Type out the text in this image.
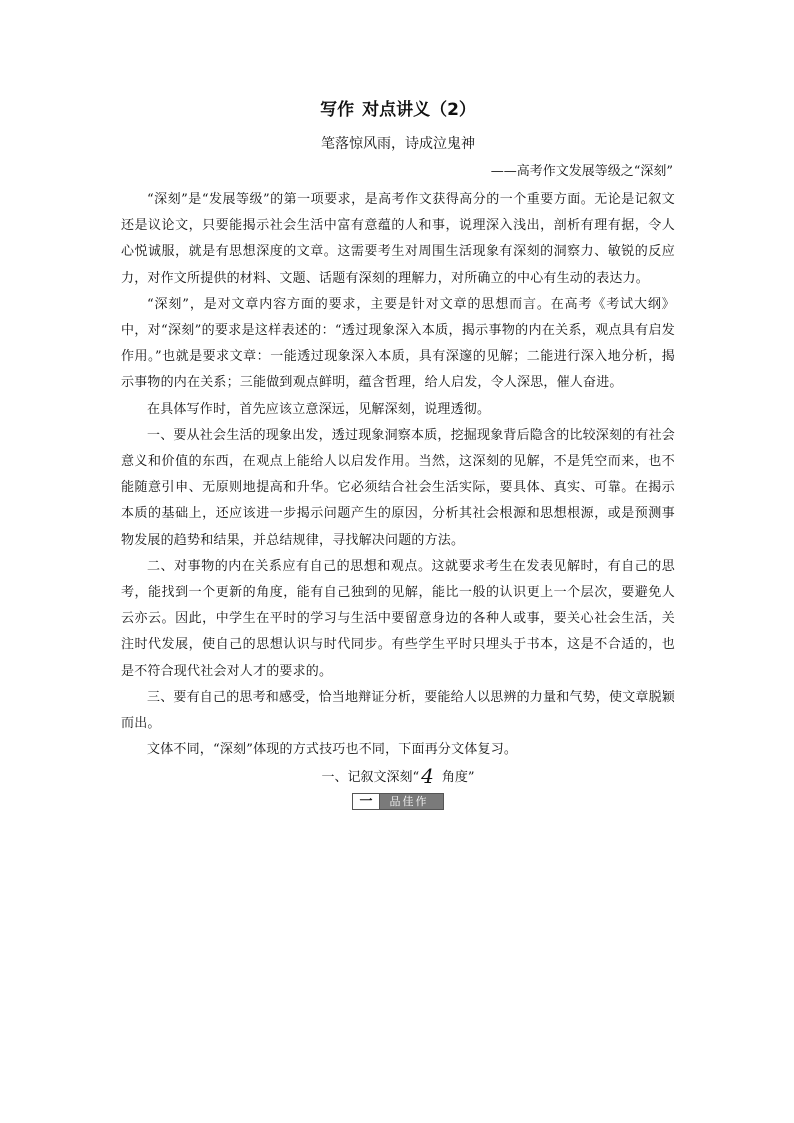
写作 对点讲义（2）
笔落惊风雨，诗成泣鬼神
——高考作文发展等级之“深刻”

“深刻”是“发展等级”的第一项要求，是高考作文获得高分的一个重要方面。无论是记叙文还是议论文，只要能揭示社会生活中富有意蕴的人和事，说理深入浅出，剖析有理有据，令人心悦诚服，就是有思想深度的文章。这需要考生对周围生活现象有深刻的洞察力、敏锐的反应力，对作文所提供的材料、文题、话题有深刻的理解力，对所确立的中心有生动的表达力。

“深刻”，是对文章内容方面的要求，主要是针对文章的思想而言。在高考《考试大纲》中，对“深刻”的要求是这样表述的：“透过现象深入本质，揭示事物的内在关系，观点具有启发作用。”也就是要求文章：一能透过现象深入本质，具有深邃的见解；二能进行深入地分析，揭示事物的内在关系；三能做到观点鲜明，蕴含哲理，给人启发，令人深思，催人奋进。

在具体写作时，首先应该立意深远，见解深刻，说理透彻。

一、要从社会生活的现象出发，透过现象洞察本质，挖掘现象背后隐含的比较深刻的有社会意义和价值的东西，在观点上能给人以启发作用。当然，这深刻的见解，不是凭空而来，也不能随意引申、无原则地提高和升华。它必须结合社会生活实际，要具体、真实、可靠。在揭示本质的基础上，还应该进一步揭示问题产生的原因，分析其社会根源和思想根源，或是预测事物发展的趋势和结果，并总结规律，寻找解决问题的方法。

二、对事物的内在关系应有自己的思想和观点。这就要求考生在发表见解时，有自己的思考，能找到一个更新的角度，能有自己独到的见解，能比一般的认识更上一个层次，要避免人云亦云。因此，中学生在平时的学习与生活中要留意身边的各种人或事，要关心社会生活，关注时代发展，使自己的思想认识与时代同步。有些学生平时只埋头于书本，这是不合适的，也是不符合现代社会对人才的要求的。

三、要有自己的思考和感受，恰当地辩证分析，要能给人以思辨的力量和气势，使文章脱颖而出。

文体不同，“深刻”体现的方式技巧也不同，下面再分文体复习。

一、记叙文深刻“ 4 角度”
一	品佳作
